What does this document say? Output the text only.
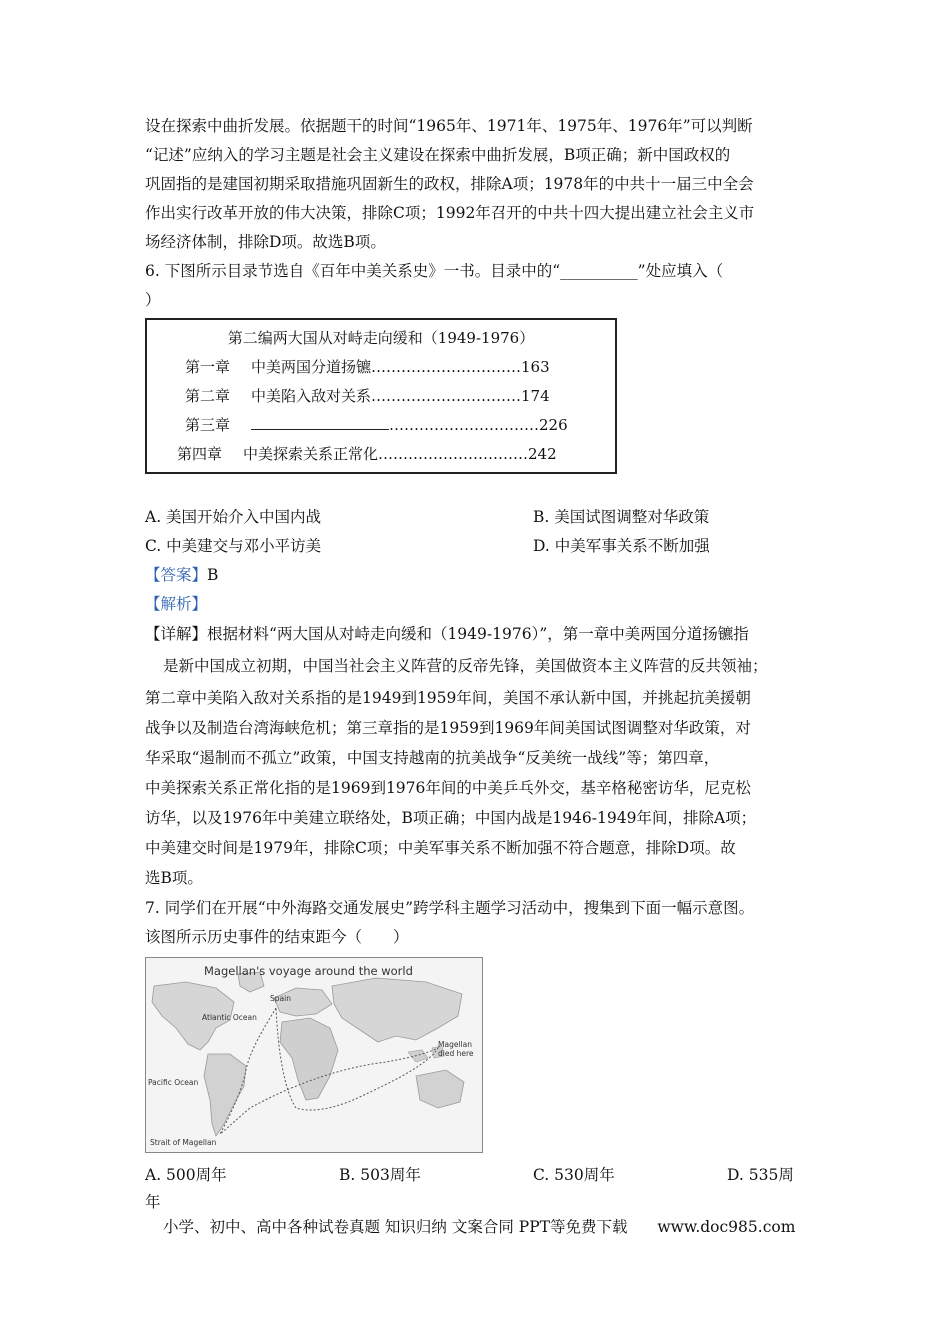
设在探索中曲折发展。依据题干的时间“1965年、1971年、1975年、1976年”可以判断
“记述”应纳入的学习主题是社会主义建设在探索中曲折发展，B项正确；新中国政权的
巩固指的是建国初期采取措施巩固新生的政权，排除A项；1978年的中共十一届三中全会
作出实行改革开放的伟大决策，排除C项；1992年召开的中共十四大提出建立社会主义市
场经济体制，排除D项。故选B项。
6. 下图所示目录节选自《百年中美关系史》一书。目录中的“__________”处应填入（
）
第二编两大国从对峙走向缓和（1949-1976）
第一章 中美两国分道扬镳…………………………163
第二章 中美陷入敌对关系…………………………174
第三章	…………………………226
第四章 中美探索关系正常化…………………………242
A. 美国开始介入中国内战	B. 美国试图调整对华政策
C. 中美建交与邓小平访美	D. 中美军事关系不断加强
【答案】B
【解析】
【详解】根据材料“两大国从对峙走向缓和（1949-1976）”，第一章中美两国分道扬镳指
是新中国成立初期，中国当社会主义阵营的反帝先锋，美国做资本主义阵营的反共领袖；
第二章中美陷入敌对关系指的是1949到1959年间，美国不承认新中国，并挑起抗美援朝
战争以及制造台湾海峡危机；第三章指的是1959到1969年间美国试图调整对华政策，对
华采取“遏制而不孤立”政策，中国支持越南的抗美战争“反美统一战线”等；第四章，
中美探索关系正常化指的是1969到1976年间的中美乒乓外交，基辛格秘密访华，尼克松
访华，以及1976年中美建立联络处，B项正确；中国内战是1946-1949年间，排除A项；
中美建交时间是1979年，排除C项；中美军事关系不断加强不符合题意，排除D项。故
选B项。
7. 同学们在开展“中外海路交通发展史”跨学科主题学习活动中，搜集到下面一幅示意图。
该图所示历史事件的结束距今（　　）
Magellan's voyage around the world
Spain
Atlantic Ocean
Magellan
died here
Pacific Ocean
Strait of Magellan
A. 500周年	B. 503周年	C. 530周年	D. 535周
年
小学、初中、高中各种试卷真题 知识归纳 文案合同 PPT等免费下载 www.doc985.com
